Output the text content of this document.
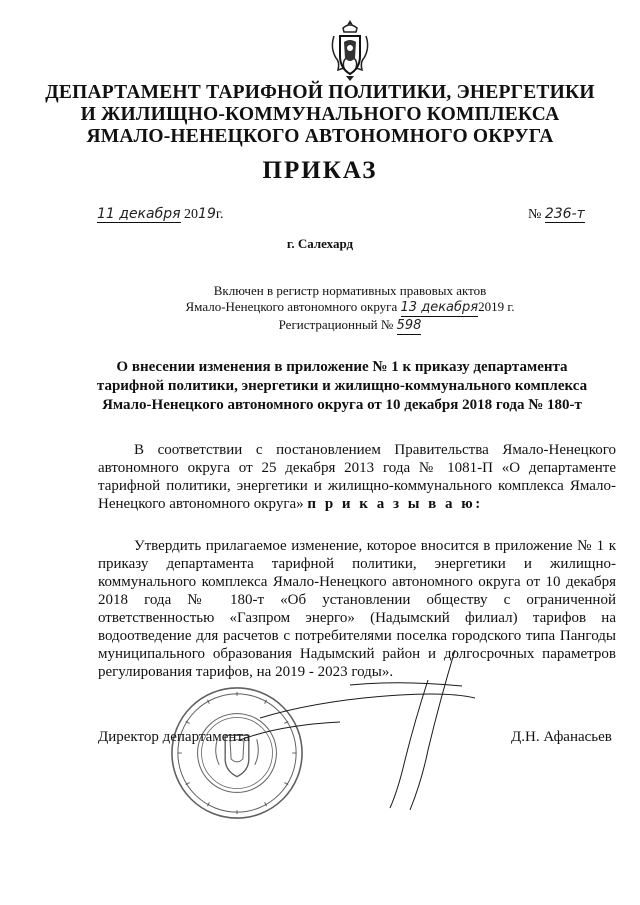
ДЕПАРТАМЕНТ ТАРИФНОЙ ПОЛИТИКИ, ЭНЕРГЕТИКИ
И ЖИЛИЩНО-КОММУНАЛЬНОГО КОМПЛЕКСА
ЯМАЛО-НЕНЕЦКОГО АВТОНОМНОГО ОКРУГА
ПРИКАЗ
11 декабря 2019г.	№ 236-т
г. Салехард
Включен в регистр нормативных правовых актов
Ямало-Ненецкого автономного округа 13 декабря2019 г.
Регистрационный № 598
О внесении изменения в приложение № 1 к приказу департамента тарифной политики, энергетики и жилищно-коммунального комплекса Ямало-Ненецкого автономного округа от 10 декабря 2018 года № 180-т
В соответствии с постановлением Правительства Ямало-Ненецкого автономного округа от 25 декабря 2013 года № 1081-П «О департаменте тарифной политики, энергетики и жилищно-коммунального комплекса Ямало-Ненецкого автономного округа» п р и к а з ы в а ю:
Утвердить прилагаемое изменение, которое вносится в приложение № 1 к приказу департамента тарифной политики, энергетики и жилищно-коммунального комплекса Ямало-Ненецкого автономного округа от 10 декабря 2018 года № 180-т «Об установлении обществу с ограниченной ответственностью «Газпром энерго» (Надымский филиал) тарифов на водоотведение для расчетов с потребителями поселка городского типа Пангоды муниципального образования Надымский район и долгосрочных параметров регулирования тарифов, на 2019 - 2023 годы».
Директор департамента	Д.Н. Афанасьев
